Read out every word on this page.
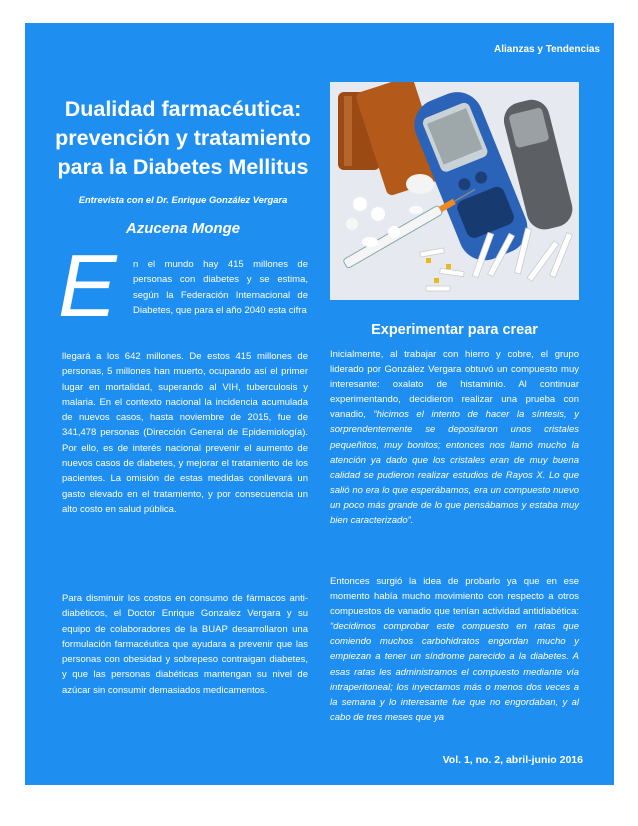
Alianzas y Tendencias
Dualidad farmacéutica:
prevención y tratamiento
para la Diabetes Mellitus
Entrevista con el Dr. Enrique González Vergara
Azucena Monge
E n el mundo hay 415 millones de personas con diabetes y se estima, según la Federación Internacional de Diabetes, que para el año 2040 esta cifra
llegará a los 642 millones. De estos 415 millones de personas, 5 millones han muerto, ocupando así el primer lugar en mortalidad, superando al VIH, tuberculosis y malaria. En el contexto nacional la incidencia acumulada de nuevos casos, hasta noviembre de 2015, fue de 341,478 personas (Dirección General de Epidemiología). Por ello, es de interés nacional prevenir el aumento de nuevos casos de diabetes, y mejorar el tratamiento de los pacientes. La omisión de estas medidas conllevará un gasto elevado en el tratamiento, y por consecuencia un alto costo en salud pública.
Para disminuir los costos en consumo de fármacos anti-diabéticos, el Doctor Enrique Gonzalez Vergara y su equipo de colaboradores de la BUAP desarrollaron una formulación farmacéutica que ayudara a prevenir que las personas con obesidad y sobrepeso contraigan diabetes, y que las personas diabéticas mantengan su nivel de azúcar sin consumir demasiados medicamentos.
Experimentar para crear
Inicialmente, al trabajar con hierro y cobre, el grupo liderado por González Vergara obtuvó un compuesto muy interesante: oxalato de histaminio. Al continuar experimentando, decidieron realizar una prueba con vanadio, “hicimos el intento de hacer la síntesis, y sorprendentemente se depositaron unos cristales pequeñitos, muy bonitos; entonces nos llamó mucho la atención ya dado que los cristales eran de muy buena calidad se pudieron realizar estudios de Rayos X. Lo que salió no era lo que esperábamos, era un compuesto nuevo un poco más grande de lo que pensábamos y estaba muy bien caracterizado”.
Entonces surgió la idea de probarlo ya que en ese momento había mucho movimiento con respecto a otros compuestos de vanadio que tenían actividad antidiabética: “decidimos comprobar este compuesto en ratas que comiendo muchos carbohidratos engordan mucho y empiezan a tener un síndrome parecido a la diabetes. A esas ratas les administramos el compuesto mediante vía intraperitoneal; los inyectamos más o menos dos veces a la semana y lo interesante fue que no engordaban, y al cabo de tres meses que ya
Vol. 1, no. 2, abril-junio 2016
